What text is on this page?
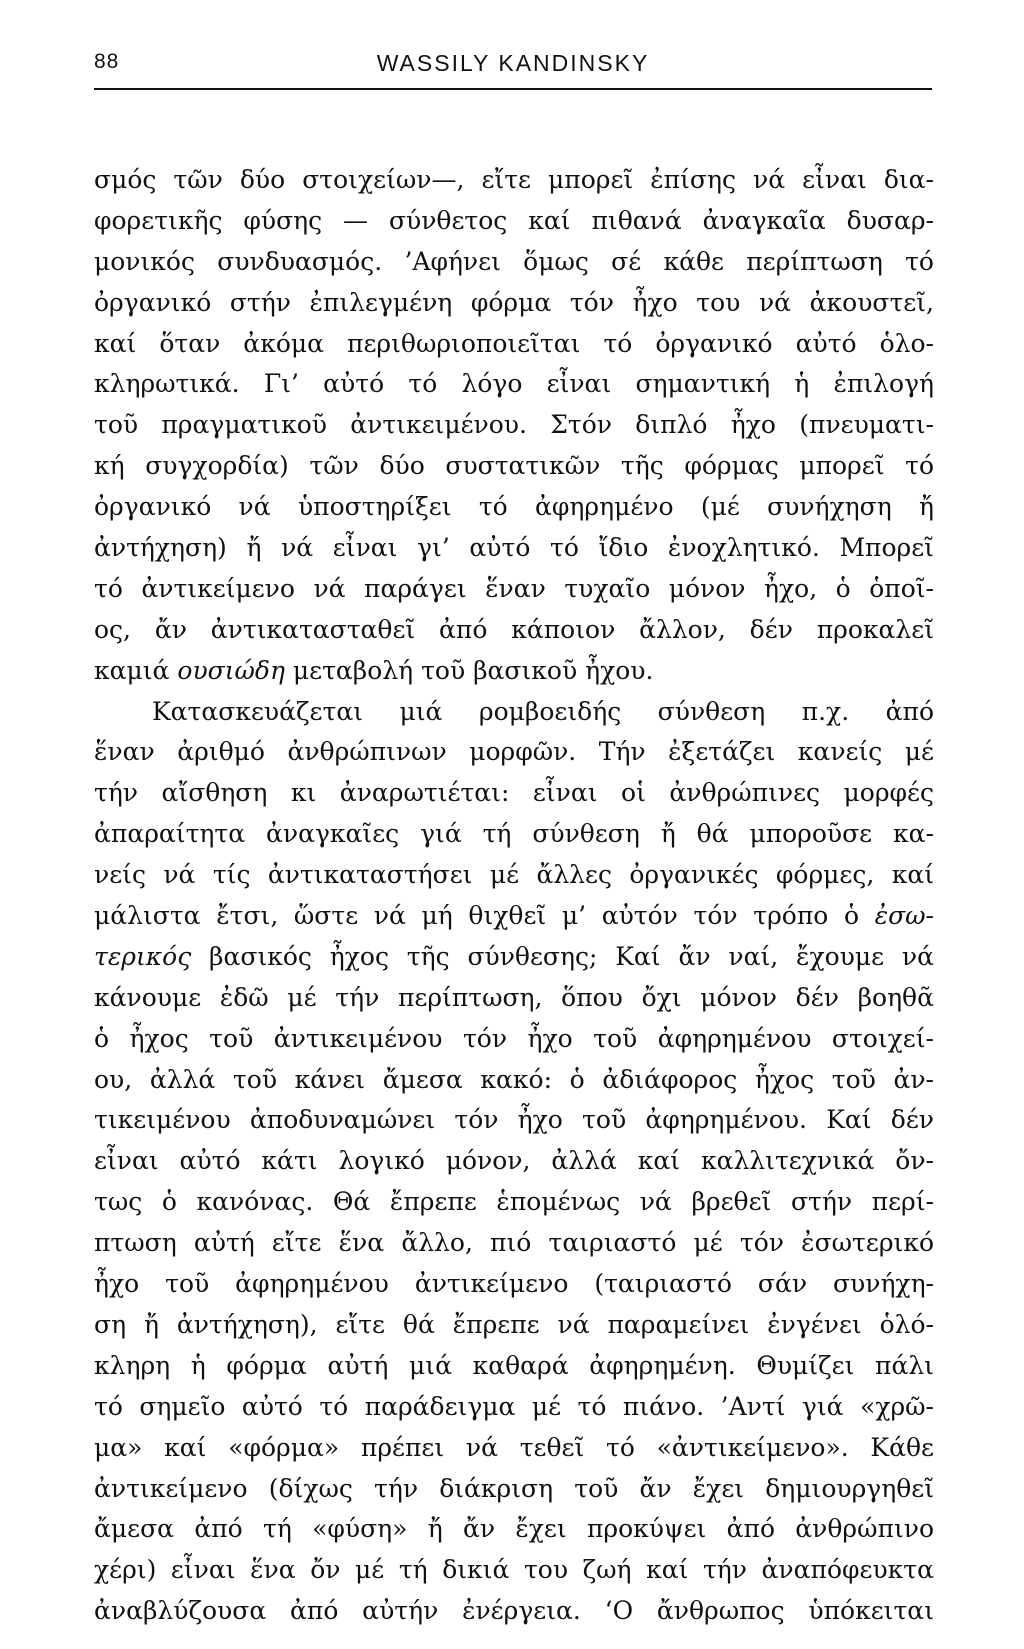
88	WASSILY KANDINSKY
σμός τῶν δύο στοιχείων—, εἴτε μπορεῖ ἐπίσης νά εἶναι δια-
φορετικῆς φύσης — σύνθετος καί πιθανά ἀναγκαῖα δυσαρ-
μονικός συνδυασμός. ’Αφήνει ὅμως σέ κάθε περίπτωση τό
ὀργανικό στήν ἐπιλεγμένη φόρμα τόν ἦχο του νά ἀκουστεῖ,
καί ὅταν ἀκόμα περιθωριοποιεῖται τό ὀργανικό αὐτό ὁλο-
κληρωτικά. Γι’ αὐτό τό λόγο εἶναι σημαντική ἡ ἐπιλογή
τοῦ πραγματικοῦ ἀντικειμένου. Στόν διπλό ἦχο (πνευματι-
κή συγχορδία) τῶν δύο συστατικῶν τῆς φόρμας μπορεῖ τό
ὀργανικό νά ὑποστηρίξει τό ἀφηρημένο (μέ συνήχηση ἤ
ἀντήχηση) ἤ νά εἶναι γι’ αὐτό τό ἴδιο ἐνοχλητικό. Μπορεῖ
τό ἀντικείμενο νά παράγει ἕναν τυχαῖο μόνον ἦχο, ὁ ὁποῖ-
ος, ἄν ἀντικατασταθεῖ ἀπό κάποιον ἄλλον, δέν προκαλεῖ
καμιά ουσιώδη μεταβολή τοῦ βασικοῦ ἦχου.
Κατασκευάζεται μιά ρομβοειδής σύνθεση π.χ. ἀπό
ἕναν ἀριθμό ἀνθρώπινων μορφῶν. Τήν ἐξετάζει κανείς μέ
τήν αἴσθηση κι ἀναρωτιέται: εἶναι οἱ ἀνθρώπινες μορφές
ἀπαραίτητα ἀναγκαῖες γιά τή σύνθεση ἤ θά μποροῦσε κα-
νείς νά τίς ἀντικαταστήσει μέ ἄλλες ὀργανικές φόρμες, καί
μάλιστα ἔτσι, ὥστε νά μή θιχθεῖ μ’ αὐτόν τόν τρόπο ὁ ἐσω-
τερικός βασικός ἦχος τῆς σύνθεσης; Καί ἄν ναί, ἔχουμε νά
κάνουμε ἐδῶ μέ τήν περίπτωση, ὅπου ὄχι μόνον δέν βοηθᾶ
ὁ ἦχος τοῦ ἀντικειμένου τόν ἦχο τοῦ ἀφηρημένου στοιχεί-
ου, ἀλλά τοῦ κάνει ἄμεσα κακό: ὁ ἀδιάφορος ἦχος τοῦ ἀν-
τικειμένου ἀποδυναμώνει τόν ἦχο τοῦ ἀφηρημένου. Καί δέν
εἶναι αὐτό κάτι λογικό μόνον, ἀλλά καί καλλιτεχνικά ὄν-
τως ὁ κανόνας. Θά ἔπρεπε ἑπομένως νά βρεθεῖ στήν περί-
πτωση αὐτή εἴτε ἕνα ἄλλο, πιό ταιριαστό μέ τόν ἐσωτερικό
ἦχο τοῦ ἀφηρημένου ἀντικείμενο (ταιριαστό σάν συνήχη-
ση ἤ ἀντήχηση), εἴτε θά ἔπρεπε νά παραμείνει ἐνγένει ὁλό-
κληρη ἡ φόρμα αὐτή μιά καθαρά ἀφηρημένη. Θυμίζει πάλι
τό σημεῖο αὐτό τό παράδειγμα μέ τό πιάνο. ’Αντί γιά «χρῶ-
μα» καί «φόρμα» πρέπει νά τεθεῖ τό «ἀντικείμενο». Κάθε
ἀντικείμενο (δίχως τήν διάκριση τοῦ ἄν ἔχει δημιουργηθεῖ
ἄμεσα ἀπό τή «φύση» ἤ ἄν ἔχει προκύψει ἀπό ἀνθρώπινο
χέρι) εἶναι ἕνα ὄν μέ τή δικιά του ζωή καί τήν ἀναπόφευκτα
ἀναβλύζουσα ἀπό αὐτήν ἐνέργεια. ‘Ο ἄνθρωπος ὑπόκειται
